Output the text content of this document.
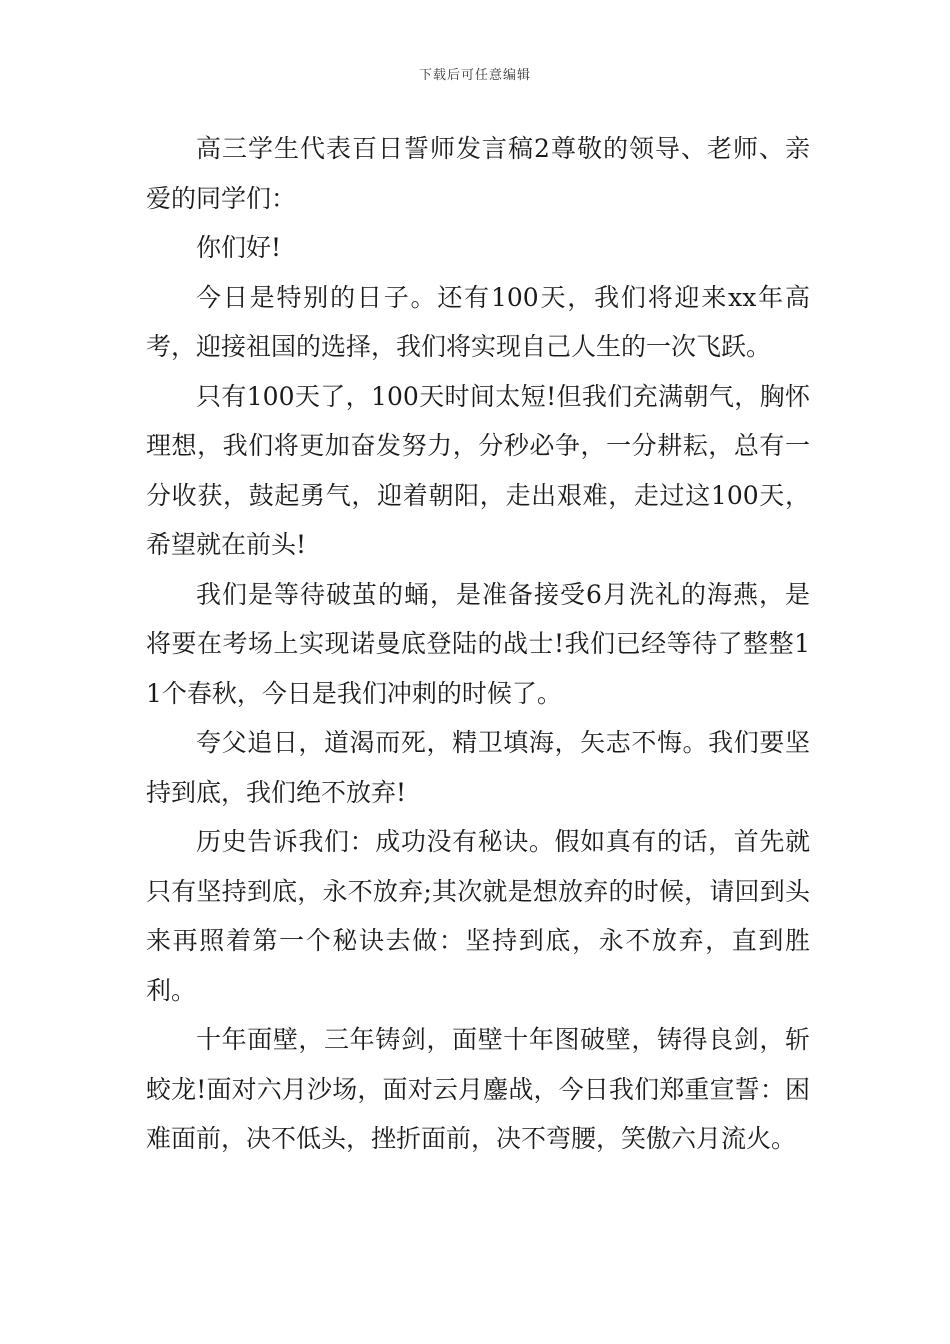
下载后可任意编辑

高三学生代表百日誓师发言稿2尊敬的领导、老师、亲爱的同学们：

你们好!

今日是特别的日子。还有100天，我们将迎来xx年高考，迎接祖国的选择，我们将实现自己人生的一次飞跃。

只有100天了，100天时间太短!但我们充满朝气，胸怀理想，我们将更加奋发努力，分秒必争，一分耕耘，总有一分收获，鼓起勇气，迎着朝阳，走出艰难，走过这100天，希望就在前头!

我们是等待破茧的蛹，是准备接受6月洗礼的海燕，是将要在考场上实现诺曼底登陆的战士!我们已经等待了整整11个春秋，今日是我们冲刺的时候了。

夸父追日，道渴而死，精卫填海，矢志不悔。我们要坚持到底，我们绝不放弃!

历史告诉我们：成功没有秘诀。假如真有的话，首先就只有坚持到底，永不放弃;其次就是想放弃的时候，请回到头来再照着第一个秘诀去做：坚持到底，永不放弃，直到胜利。

十年面壁，三年铸剑，面壁十年图破壁，铸得良剑，斩蛟龙!面对六月沙场，面对云月鏖战，今日我们郑重宣誓：困难面前，决不低头，挫折面前，决不弯腰，笑傲六月流火。
